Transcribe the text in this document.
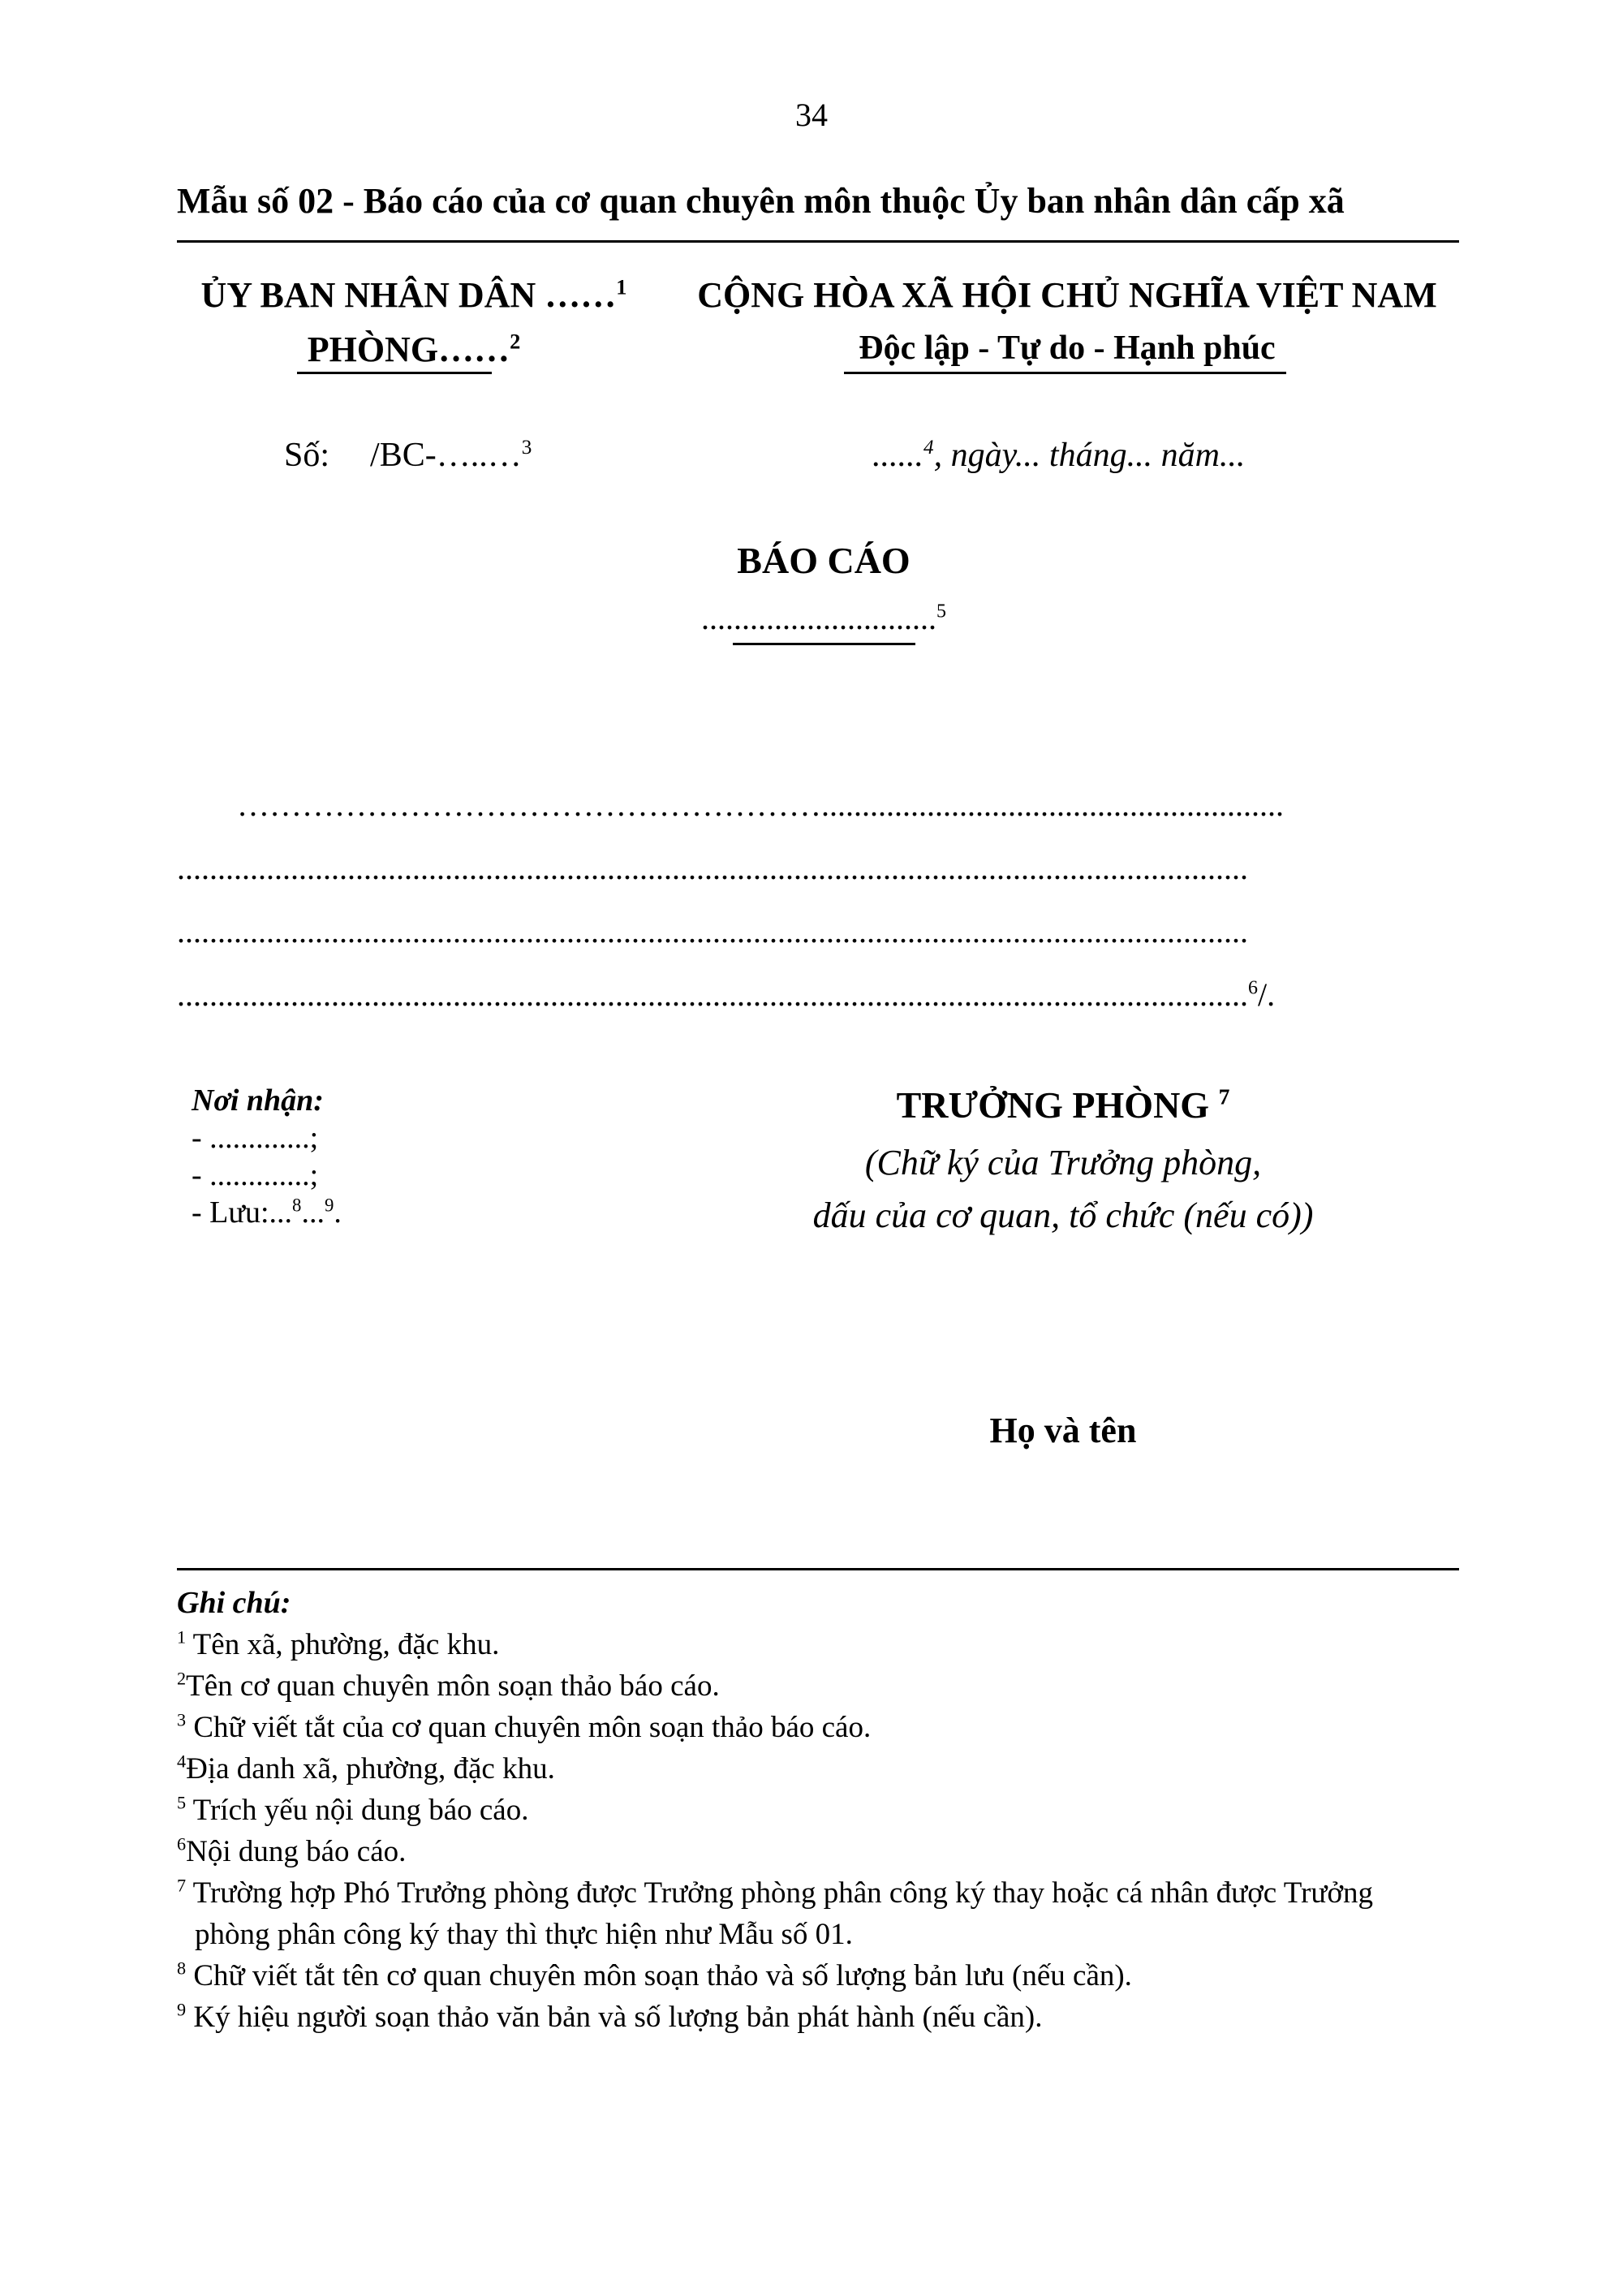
34
Mẫu số 02 - Báo cáo của cơ quan chuyên môn thuộc Ủy ban nhân dân cấp xã
ỦY BAN NHÂN DÂN ……$^1$
PHÒNG……$^2$
CỘNG HÒA XÃ HỘI CHỦ NGHĨA VIỆT NAM
Độc lập - Tự do - Hạnh phúc
Số: /BC-…..…$^3$	......$^4$, ngày... tháng... năm...
BÁO CÁO
.............................$^5$
……………………………………………….........................................................
....................................................................................................................................
....................................................................................................................................
....................................................................................................................................$^6$/.
Nơi nhận:
- .............;
- .............;
- Lưu:...$^8$...$^9$.
TRƯỞNG PHÒNG $^7$
(Chữ ký của Trưởng phòng,
dấu của cơ quan, tổ chức (nếu có))
Họ và tên
Ghi chú:
$^1$ Tên xã, phường, đặc khu.
$^2$Tên cơ quan chuyên môn soạn thảo báo cáo.
$^3$ Chữ viết tắt của cơ quan chuyên môn soạn thảo báo cáo.
$^4$Địa danh xã, phường, đặc khu.
$^5$ Trích yếu nội dung báo cáo.
$^6$Nội dung báo cáo.
$^7$ Trường hợp Phó Trưởng phòng được Trưởng phòng phân công ký thay hoặc cá nhân được Trưởng
phòng phân công ký thay thì thực hiện như Mẫu số 01.
$^8$ Chữ viết tắt tên cơ quan chuyên môn soạn thảo và số lượng bản lưu (nếu cần).
$^9$ Ký hiệu người soạn thảo văn bản và số lượng bản phát hành (nếu cần).
